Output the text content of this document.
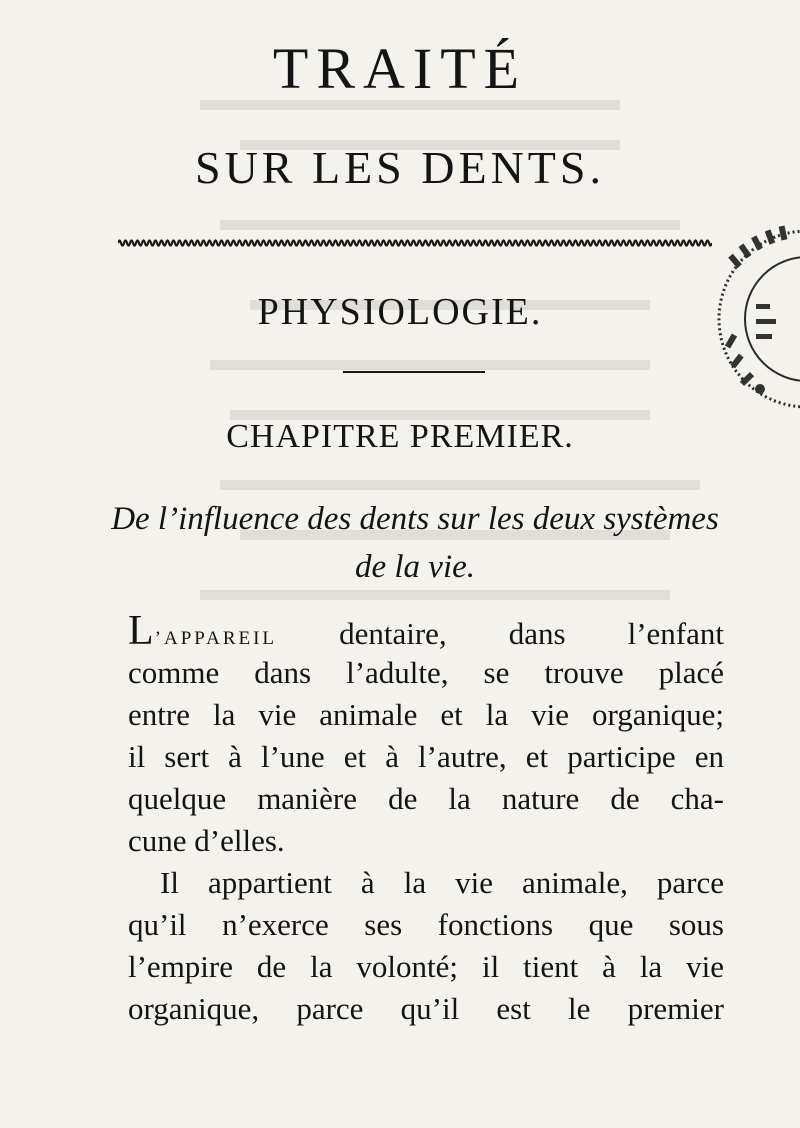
TRAITÉ
SUR LES DENTS.
PHYSIOLOGIE.
CHAPITRE PREMIER.
De l’influence des dents sur les deux systèmes de la vie.
L’APPAREIL dentaire, dans l’enfant
comme dans l’adulte, se trouve placé
entre la vie animale et la vie organique;
il sert à l’une et à l’autre, et participe en
quelque manière de la nature de cha-
cune d’elles.
Il appartient à la vie animale, parce
qu’il n’exerce ses fonctions que sous
l’empire de la volonté; il tient à la vie
organique, parce qu’il est le premier
